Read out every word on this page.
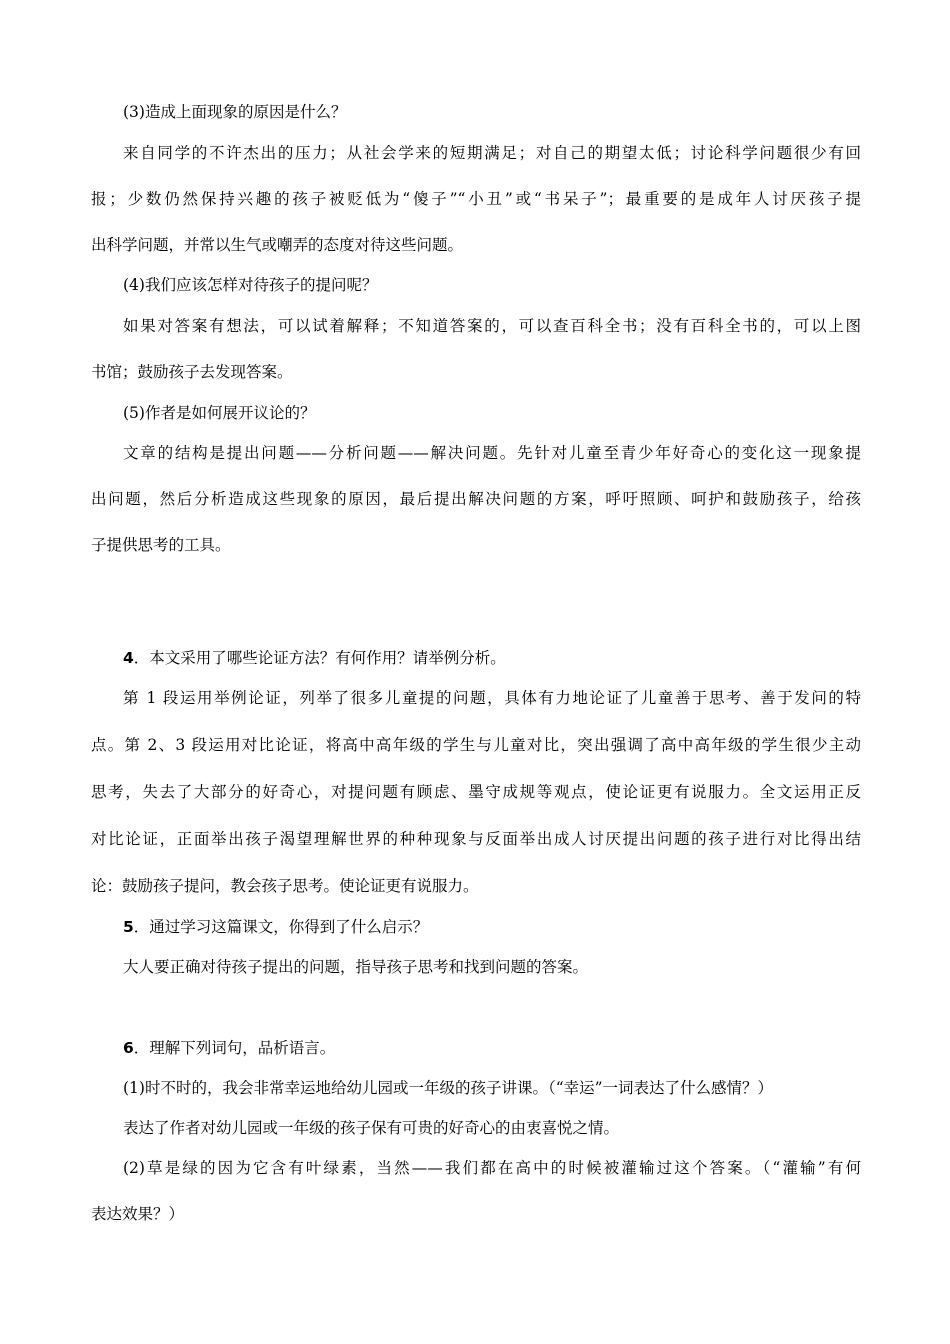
(3)造成上面现象的原因是什么？
来自同学的不许杰出的压力；从社会学来的短期满足；对自己的期望太低；讨论科学问题很少有回
报；少数仍然保持兴趣的孩子被贬低为“傻子”“小丑”或“书呆子”；最重要的是成年人讨厌孩子提
出科学问题，并常以生气或嘲弄的态度对待这些问题。
(4)我们应该怎样对待孩子的提问呢？
如果对答案有想法，可以试着解释；不知道答案的，可以查百科全书；没有百科全书的，可以上图
书馆；鼓励孩子去发现答案。
(5)作者是如何展开议论的？
文章的结构是提出问题——分析问题——解决问题。先针对儿童至青少年好奇心的变化这一现象提
出问题，然后分析造成这些现象的原因，最后提出解决问题的方案，呼吁照顾、呵护和鼓励孩子，给孩
子提供思考的工具。
4．本文采用了哪些论证方法？有何作用？请举例分析。
第 1 段运用举例论证，列举了很多儿童提的问题，具体有力地论证了儿童善于思考、善于发问的特
点。第 2、3 段运用对比论证，将高中高年级的学生与儿童对比，突出强调了高中高年级的学生很少主动
思考，失去了大部分的好奇心，对提问题有顾虑、墨守成规等观点，使论证更有说服力。全文运用正反
对比论证，正面举出孩子渴望理解世界的种种现象与反面举出成人讨厌提出问题的孩子进行对比得出结
论：鼓励孩子提问，教会孩子思考。使论证更有说服力。
5．通过学习这篇课文，你得到了什么启示？
大人要正确对待孩子提出的问题，指导孩子思考和找到问题的答案。
6．理解下列词句，品析语言。
(1)时不时的，我会非常幸运地给幼儿园或一年级的孩子讲课。（“幸运”一词表达了什么感情？）
表达了作者对幼儿园或一年级的孩子保有可贵的好奇心的由衷喜悦之情。
(2)草是绿的因为它含有叶绿素，当然——我们都在高中的时候被灌输过这个答案。（“灌输”有何
表达效果？）
